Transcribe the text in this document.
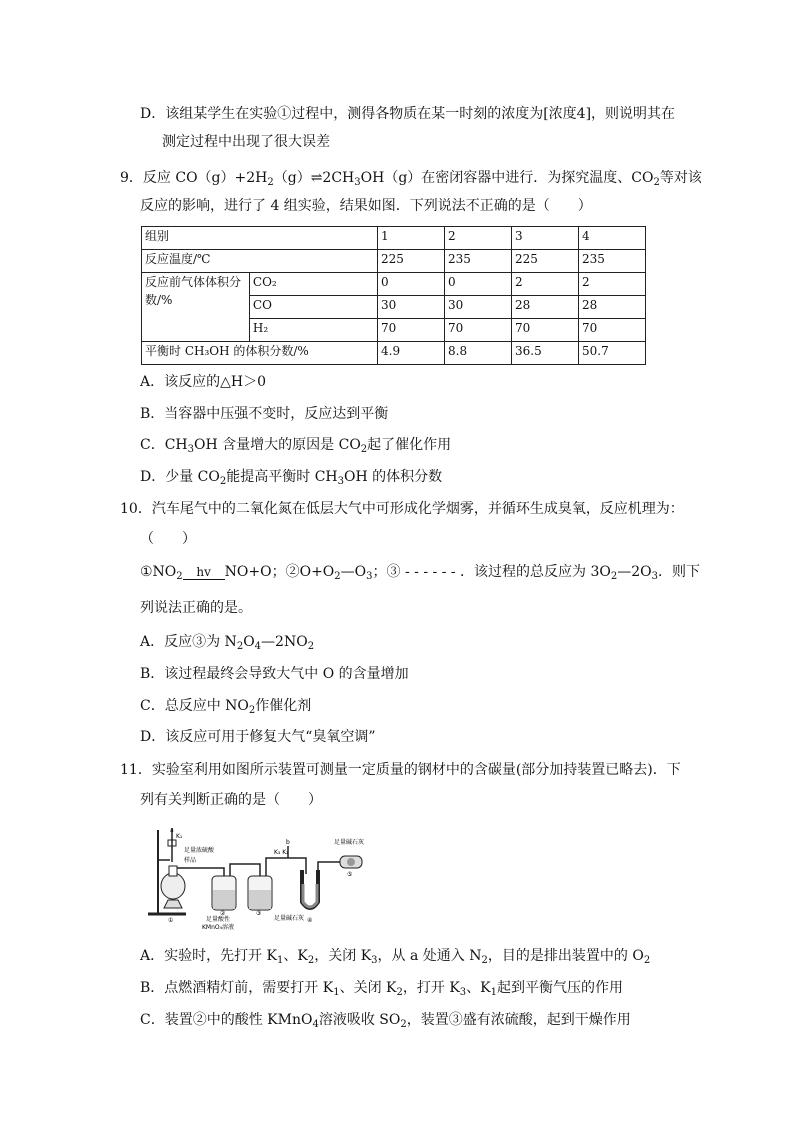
D．该组某学生在实验①过程中，测得各物质在某一时刻的浓度为[浓度4]，则说明其在
测定过程中出现了很大误差
9．反应 $CO(g)+2H_2(g)\rightleftharpoons 2CH_3OH(g)$在密闭容器中进行．为探究温度、$CO_2$等对该
反应的影响，进行了 4 组实验，结果如图．下列说法不正确的是（　　）
组别		1	2	3	4
反应温度/℃		225	235	225	235
反应前气体体积分数/%	CO₂	0	0	2	2
	CO	30	30	28	28
	H₂	70	70	70	70
平衡时 CH₃OH 的体积分数/%		4.9	8.8	36.5	50.7
A．该反应的△H＞0
B．当容器中压强不变时，反应达到平衡
C．$CH_3OH$ 含量增大的原因是 $CO_2$起了催化作用
D．少量 $CO_2$能提高平衡时 $CH_3OH$ 的体积分数
10．汽车尾气中的二氧化氮在低层大气中可形成化学烟雾，并循环生成臭氧，反应机理为：
（　　）
$①NO_2$	hv NO+O；$②O+O_2—O_3$；③ - - - - - - ．该过程的总反应为 $3O_2—2O_3$．则下
列说法正确的是。
A．反应③为 $N_2O_4—2NO_2$
B．该过程最终会导致大气中 O 的含量增加
C．总反应中 $NO_2$作催化剂
D．该反应可用于修复大气“臭氧空调”
11．实验室利用如图所示装置可测量一定质量的钢材中的含碳量(部分加持装置已略去)．下
列有关判断正确的是（　　）
a
K₁
足量浓硫酸
样品
b
K₃ K₂
足量碱石灰
足量碱石灰
足量酸性
KMnO₄溶液
①
②	③
④
⑤
A．实验时，先打开 $K_1$、$K_2$，关闭 $K_3$，从 a 处通入 $N_2$，目的是排出装置中的 $O_2$
B．点燃酒精灯前，需要打开 $K_1$、关闭 $K_2$，打开 $K_3$、$K_1$起到平衡气压的作用
C．装置②中的酸性 KMnO$_4$溶液吸收 $SO_2$，装置③盛有浓硫酸，起到干燥作用
